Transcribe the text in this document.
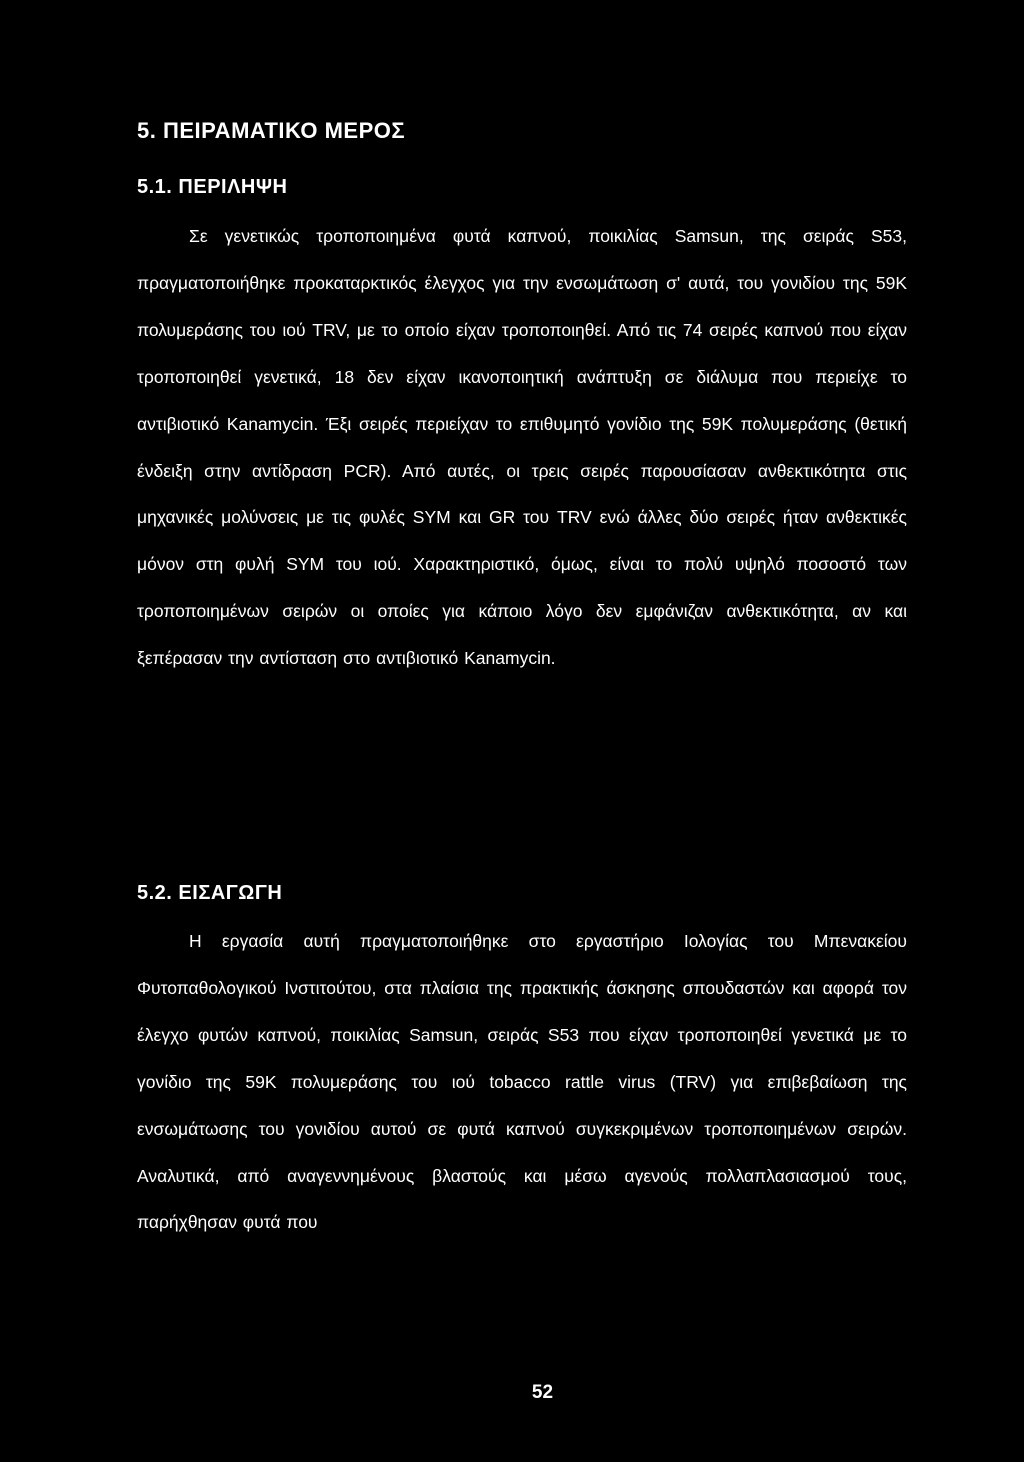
5. ΠΕΙΡΑΜΑΤΙΚΟ ΜΕΡΟΣ
5.1. ΠΕΡΙΛΗΨΗ

Σε γενετικώς τροποποιημένα φυτά καπνού, ποικιλίας Samsun, της σειράς S53, πραγματοποιήθηκε προκαταρκτικός έλεγχος για την ενσωμάτωση σ' αυτά, του γονιδίου της 59K πολυμεράσης του ιού TRV, με το οποίο είχαν τροποποιηθεί. Από τις 74 σειρές καπνού που είχαν τροποποιηθεί γενετικά, 18 δεν είχαν ικανοποιητική ανάπτυξη σε διάλυμα που περιείχε το αντιβιοτικό Kanamycin. Έξι σειρές περιείχαν το επιθυμητό γονίδιο της 59K πολυμεράσης (θετική ένδειξη στην αντίδραση PCR). Από αυτές, οι τρεις σειρές παρουσίασαν ανθεκτικότητα στις μηχανικές μολύνσεις με τις φυλές SYM και GR του TRV ενώ άλλες δύο σειρές ήταν ανθεκτικές μόνον στη φυλή SYM του ιού. Χαρακτηριστικό, όμως, είναι το πολύ υψηλό ποσοστό των τροποποιημένων σειρών οι οποίες για κάποιο λόγο δεν εμφάνιζαν ανθεκτικότητα, αν και ξεπέρασαν την αντίσταση στο αντιβιοτικό Kanamycin.

5.2. ΕΙΣΑΓΩΓΗ

Η εργασία αυτή πραγματοποιήθηκε στο εργαστήριο Ιολογίας του Μπενακείου Φυτοπαθολογικού Ινστιτούτου, στα πλαίσια της πρακτικής άσκησης σπουδαστών και αφορά τον έλεγχο φυτών καπνού, ποικιλίας Samsun, σειράς S53 που είχαν τροποποιηθεί γενετικά με το γονίδιο της 59K πολυμεράσης του ιού tobacco rattle virus (TRV) για επιβεβαίωση της ενσωμάτωσης του γονιδίου αυτού σε φυτά καπνού συγκεκριμένων τροποποιημένων σειρών. Αναλυτικά, από αναγεννημένους βλαστούς και μέσω αγενούς πολλαπλασιασμού τους, παρήχθησαν φυτά που

52
